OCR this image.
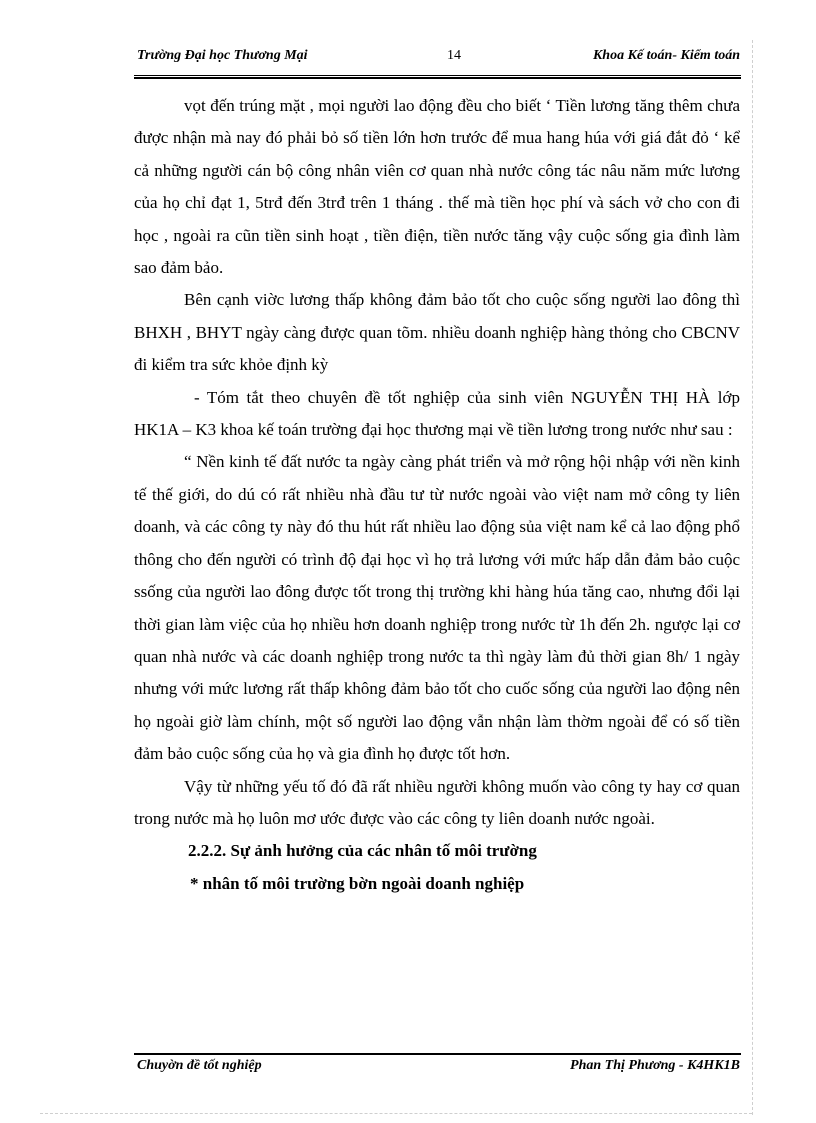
Trường Đại học Thương Mại	14	Khoa Kế toán- Kiểm toán

vọt đến trúng mặt , mọi người lao động đều cho biết ‘ Tiền lương tăng thêm chưa được nhận mà nay đó phải bỏ số tiền lớn hơn trước để mua hang húa với giá đắt đỏ ‘ kể cả những người cán bộ công nhân viên cơ quan nhà nước công tác nâu năm mức lương của họ chỉ đạt 1, 5trđ đến 3trđ trên 1 tháng . thế mà tiền học phí và sách vở cho con đi học , ngoài ra cũn tiền sinh hoạt , tiền điện, tiền nước tăng vậy cuộc sống gia đình làm sao đảm bảo.

Bên cạnh viờc lương thấp không đảm bảo tốt cho cuộc sống người lao đông thì BHXH , BHYT ngày càng được quan tõm. nhiều doanh nghiệp hàng thỏng cho CBCNV đi kiểm tra sức khỏe định kỳ

- Tóm tắt theo chuyên đề tốt nghiệp của sinh viên NGUYỄN THỊ HÀ lớp HK1A – K3 khoa kế toán trường đại học thương mại về tiền lương trong nước như sau :

“ Nền kinh tế đất nước ta ngày càng phát triển và mở rộng hội nhập với nền kinh tế thế giới, do dú có rất nhiều nhà đầu tư từ nước ngoài vào việt nam mở công ty liên doanh, và các công ty này đó thu hút rất nhiều lao động sủa việt nam kể cả lao động phổ thông cho đến người có trình độ đại học vì họ trả lương với mức hấp dẫn đảm bảo cuộc ssống của người lao đông được tốt trong thị trường khi hàng húa tăng cao, nhưng đổi lại thời gian làm việc của họ nhiều hơn doanh nghiệp trong nước từ 1h đến 2h. ngược lại cơ quan nhà nước và các doanh nghiệp trong nước ta thì ngày làm đủ thời gian 8h/ 1 ngày nhưng với mức lương rất thấp không đảm bảo tốt cho cuốc sống của người lao động nên họ ngoài giờ làm chính, một số người lao động vẫn nhận làm thờm ngoài để có số tiền đảm bảo cuộc sống của họ và gia đình họ được tốt hơn.

Vậy từ những yếu tố đó đã rất nhiều người không muốn vào công ty hay cơ quan trong nước mà họ luôn mơ ước được vào các công ty liên doanh nước ngoài.

2.2.2. Sự ảnh hưởng của các nhân tố môi trường
* nhân tố môi trường bờn ngoài doanh nghiệp
Chuyờn đề tốt nghiệp	Phan Thị Phương - K4HK1B
